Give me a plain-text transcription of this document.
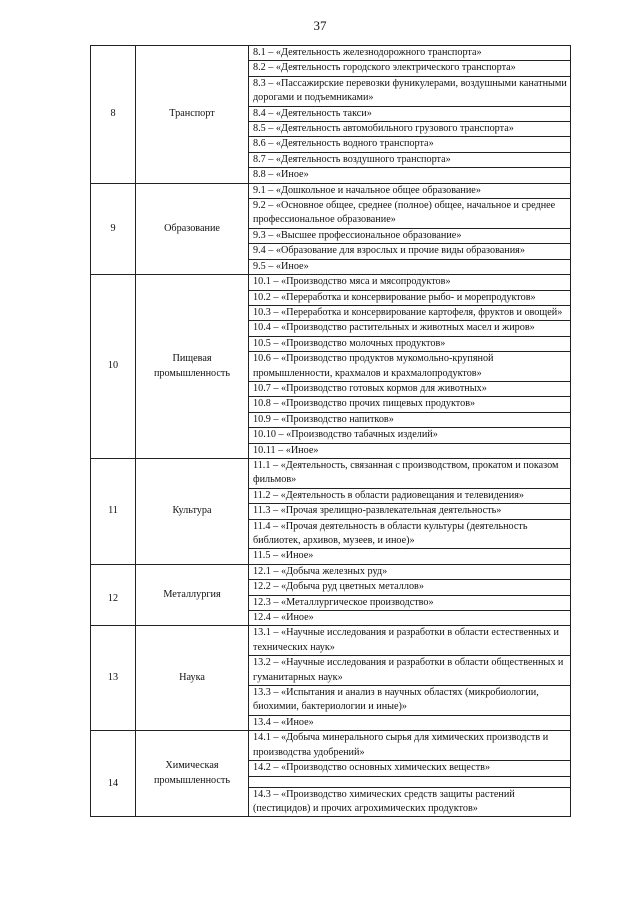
37
8	Транспорт	8.1 – «Деятельность железнодорожного транспорта»
		8.2 – «Деятельность городского электрического транспорта»
		8.3 – «Пассажирские перевозки фуникулерами, воздушными канатными дорогами и подъемниками»
		8.4 – «Деятельность такси»
		8.5 – «Деятельность автомобильного грузового транспорта»
		8.6 – «Деятельность водного транспорта»
		8.7 – «Деятельность воздушного транспорта»
		8.8 – «Иное»
9	Образование	9.1 – «Дошкольное и начальное общее образование»
		9.2 – «Основное общее, среднее (полное) общее, начальное и среднее профессиональное образование»
		9.3 – «Высшее профессиональное образование»
		9.4 – «Образование для взрослых и прочие виды образования»
		9.5 – «Иное»
10	Пищевая промышленность	10.1 – «Производство мяса и мясопродуктов»
		10.2 – «Переработка и консервирование рыбо- и морепродуктов»
		10.3 – «Переработка и консервирование картофеля, фруктов и овощей»
		10.4 – «Производство растительных и животных масел и жиров»
		10.5 – «Производство молочных продуктов»
		10.6 – «Производство продуктов мукомольно-крупяной промышленности, крахмалов и крахмалопродуктов»
		10.7 – «Производство готовых кормов для животных»
		10.8 – «Производство прочих пищевых продуктов»
		10.9 – «Производство напитков»
		10.10 – «Производство табачных изделий»
		10.11 – «Иное»
11	Культура	11.1 – «Деятельность, связанная с производством, прокатом и показом фильмов»
		11.2 – «Деятельность в области радиовещания и телевидения»
		11.3 – «Прочая зрелищно-развлекательная деятельность»
		11.4 – «Прочая деятельность в области культуры (деятельность библиотек, архивов, музеев, и иное)»
		11.5 – «Иное»
12	Металлургия	12.1 – «Добыча железных руд»
		12.2 – «Добыча руд цветных металлов»
		12.3 – «Металлургическое производство»
		12.4 – «Иное»
13	Наука	13.1 – «Научные исследования и разработки в области естественных и технических наук»
		13.2 – «Научные исследования и разработки в области общественных и гуманитарных наук»
		13.3 – «Испытания и анализ в научных областях (микробиологии, биохимии, бактериологии и иные)»
		13.4 – «Иное»
14	Химическая промышленность	14.1 – «Добыча минерального сырья для химических производств и производства удобрений»
		14.2 – «Производство основных химических веществ»

		14.3 – «Производство химических средств защиты растений (пестицидов) и прочих агрохимических продуктов»
